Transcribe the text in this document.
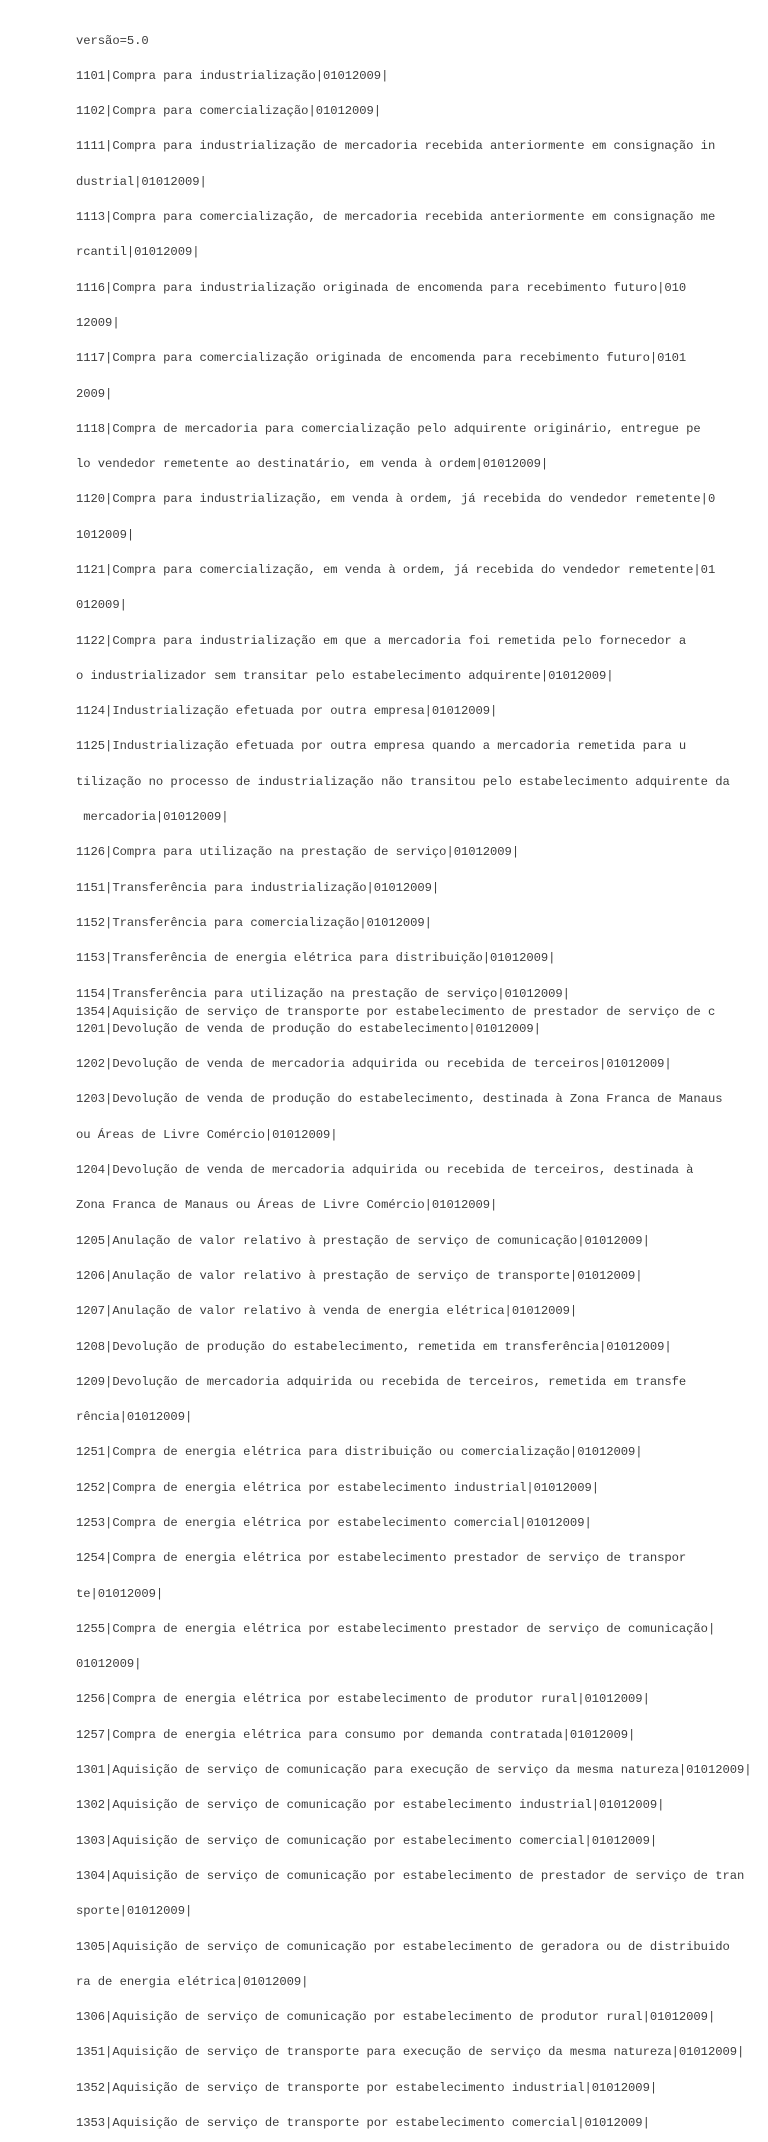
versão=5.0

1101|Compra para industrialização|01012009|

1102|Compra para comercialização|01012009|

1111|Compra para industrialização de mercadoria recebida anteriormente em consignação in

dustrial|01012009|

1113|Compra para comercialização, de mercadoria recebida anteriormente em consignação me

rcantil|01012009|

1116|Compra para industrialização originada de encomenda para recebimento futuro|010

12009|

1117|Compra para comercialização originada de encomenda para recebimento futuro|0101

2009|

1118|Compra de mercadoria para comercialização pelo adquirente originário, entregue pe

lo vendedor remetente ao destinatário, em venda à ordem|01012009|

1120|Compra para industrialização, em venda à ordem, já recebida do vendedor remetente|0

1012009|

1121|Compra para comercialização, em venda à ordem, já recebida do vendedor remetente|01

012009|

1122|Compra para industrialização em que a mercadoria foi remetida pelo fornecedor a

o industrializador sem transitar pelo estabelecimento adquirente|01012009|

1124|Industrialização efetuada por outra empresa|01012009|

1125|Industrialização efetuada por outra empresa quando a mercadoria remetida para u

tilização no processo de industrialização não transitou pelo estabelecimento adquirente da

mercadoria|01012009|

1126|Compra para utilização na prestação de serviço|01012009|

1151|Transferência para industrialização|01012009|

1152|Transferência para comercialização|01012009|

1153|Transferência de energia elétrica para distribuição|01012009|

1154|Transferência para utilização na prestação de serviço|01012009|

1201|Devolução de venda de produção do estabelecimento|01012009|

1202|Devolução de venda de mercadoria adquirida ou recebida de terceiros|01012009|

1203|Devolução de venda de produção do estabelecimento, destinada à Zona Franca de Manaus

ou Áreas de Livre Comércio|01012009|

1204|Devolução de venda de mercadoria adquirida ou recebida de terceiros, destinada à

Zona Franca de Manaus ou Áreas de Livre Comércio|01012009|

1205|Anulação de valor relativo à prestação de serviço de comunicação|01012009|

1206|Anulação de valor relativo à prestação de serviço de transporte|01012009|

1207|Anulação de valor relativo à venda de energia elétrica|01012009|

1208|Devolução de produção do estabelecimento, remetida em transferência|01012009|

1209|Devolução de mercadoria adquirida ou recebida de terceiros, remetida em transfe

rência|01012009|

1251|Compra de energia elétrica para distribuição ou comercialização|01012009|

1252|Compra de energia elétrica por estabelecimento industrial|01012009|

1253|Compra de energia elétrica por estabelecimento comercial|01012009|

1254|Compra de energia elétrica por estabelecimento prestador de serviço de transpor

te|01012009|

1255|Compra de energia elétrica por estabelecimento prestador de serviço de comunicação|

01012009|

1256|Compra de energia elétrica por estabelecimento de produtor rural|01012009|

1257|Compra de energia elétrica para consumo por demanda contratada|01012009|

1301|Aquisição de serviço de comunicação para execução de serviço da mesma natureza|01012009|

1302|Aquisição de serviço de comunicação por estabelecimento industrial|01012009|

1303|Aquisição de serviço de comunicação por estabelecimento comercial|01012009|

1304|Aquisição de serviço de comunicação por estabelecimento de prestador de serviço de tran

sporte|01012009|

1305|Aquisição de serviço de comunicação por estabelecimento de geradora ou de distribuido

ra de energia elétrica|01012009|

1306|Aquisição de serviço de comunicação por estabelecimento de produtor rural|01012009|

1351|Aquisição de serviço de transporte para execução de serviço da mesma natureza|01012009|

1352|Aquisição de serviço de transporte por estabelecimento industrial|01012009|

1353|Aquisição de serviço de transporte por estabelecimento comercial|01012009|

1354|Aquisição de serviço de transporte por estabelecimento de prestador de serviço de c
